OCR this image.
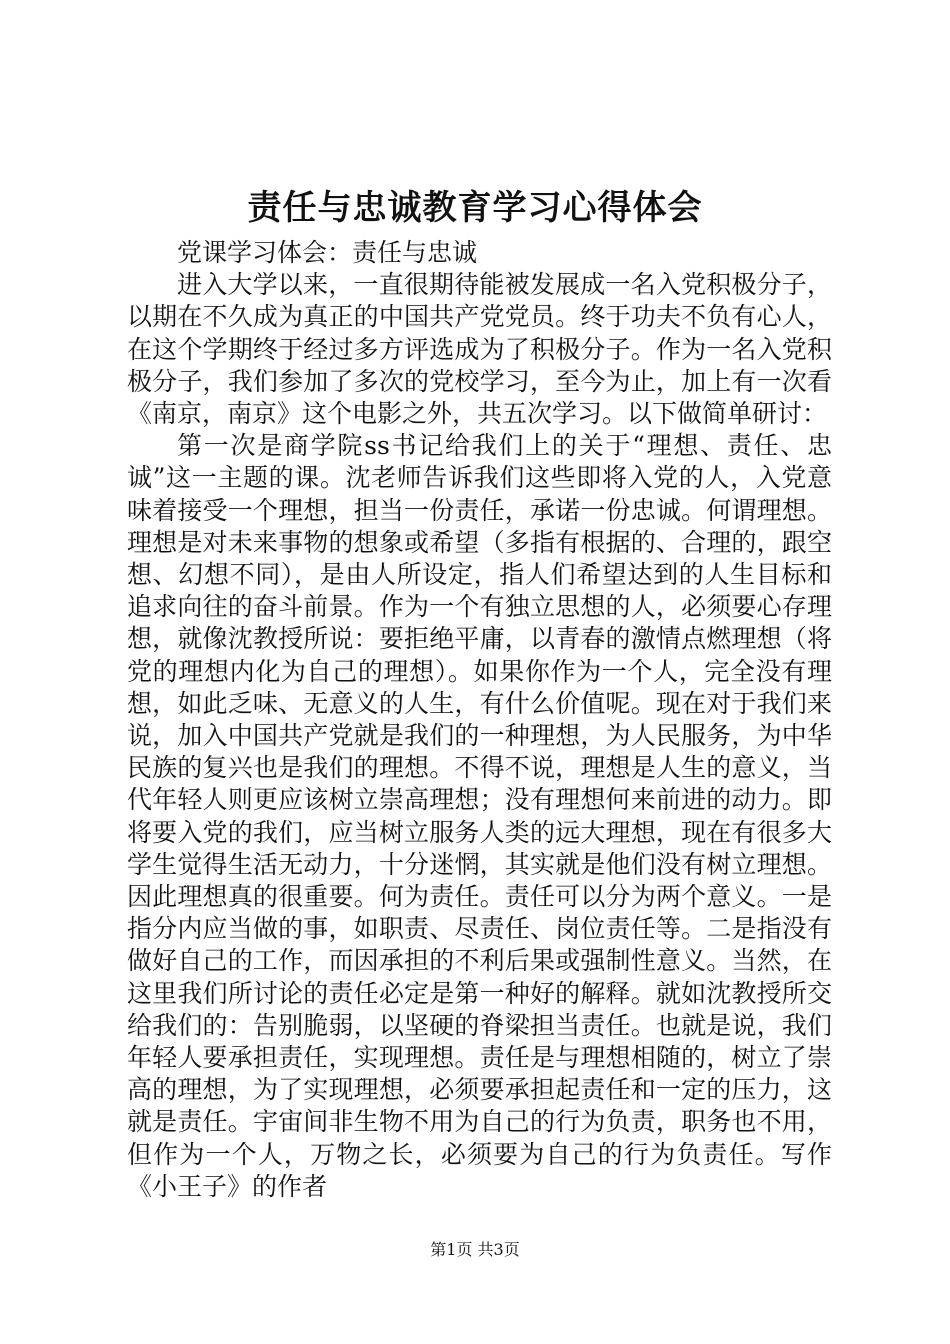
责任与忠诚教育学习心得体会

党课学习体会：责任与忠诚

进入大学以来，一直很期待能被发展成一名入党积极分子，以期在不久成为真正的中国共产党党员。终于功夫不负有心人，在这个学期终于经过多方评选成为了积极分子。作为一名入党积极分子，我们参加了多次的党校学习，至今为止，加上有一次看《南京，南京》这个电影之外，共五次学习。以下做简单研讨：

第一次是商学院ss书记给我们上的关于“理想、责任、忠诚”这一主题的课。沈老师告诉我们这些即将入党的人，入党意味着接受一个理想，担当一份责任，承诺一份忠诚。何谓理想。理想是对未来事物的想象或希望（多指有根据的、合理的，跟空想、幻想不同），是由人所设定，指人们希望达到的人生目标和追求向往的奋斗前景。作为一个有独立思想的人，必须要心存理想，就像沈教授所说：要拒绝平庸，以青春的激情点燃理想（将党的理想内化为自己的理想）。如果你作为一个人，完全没有理想，如此乏味、无意义的人生，有什么价值呢。现在对于我们来说，加入中国共产党就是我们的一种理想，为人民服务，为中华民族的复兴也是我们的理想。不得不说，理想是人生的意义，当代年轻人则更应该树立崇高理想；没有理想何来前进的动力。即将要入党的我们，应当树立服务人类的远大理想，现在有很多大学生觉得生活无动力，十分迷惘，其实就是他们没有树立理想。因此理想真的很重要。何为责任。责任可以分为两个意义。一是指分内应当做的事，如职责、尽责任、岗位责任等。二是指没有做好自己的工作，而因承担的不利后果或强制性意义。当然，在这里我们所讨论的责任必定是第一种好的解释。就如沈教授所交给我们的：告别脆弱，以坚硬的脊梁担当责任。也就是说，我们年轻人要承担责任，实现理想。责任是与理想相随的，树立了崇高的理想，为了实现理想，必须要承担起责任和一定的压力，这就是责任。宇宙间非生物不用为自己的行为负责，职务也不用，但作为一个人，万物之长，必须要为自己的行为负责任。写作《小王子》的作者

第1页 共3页
